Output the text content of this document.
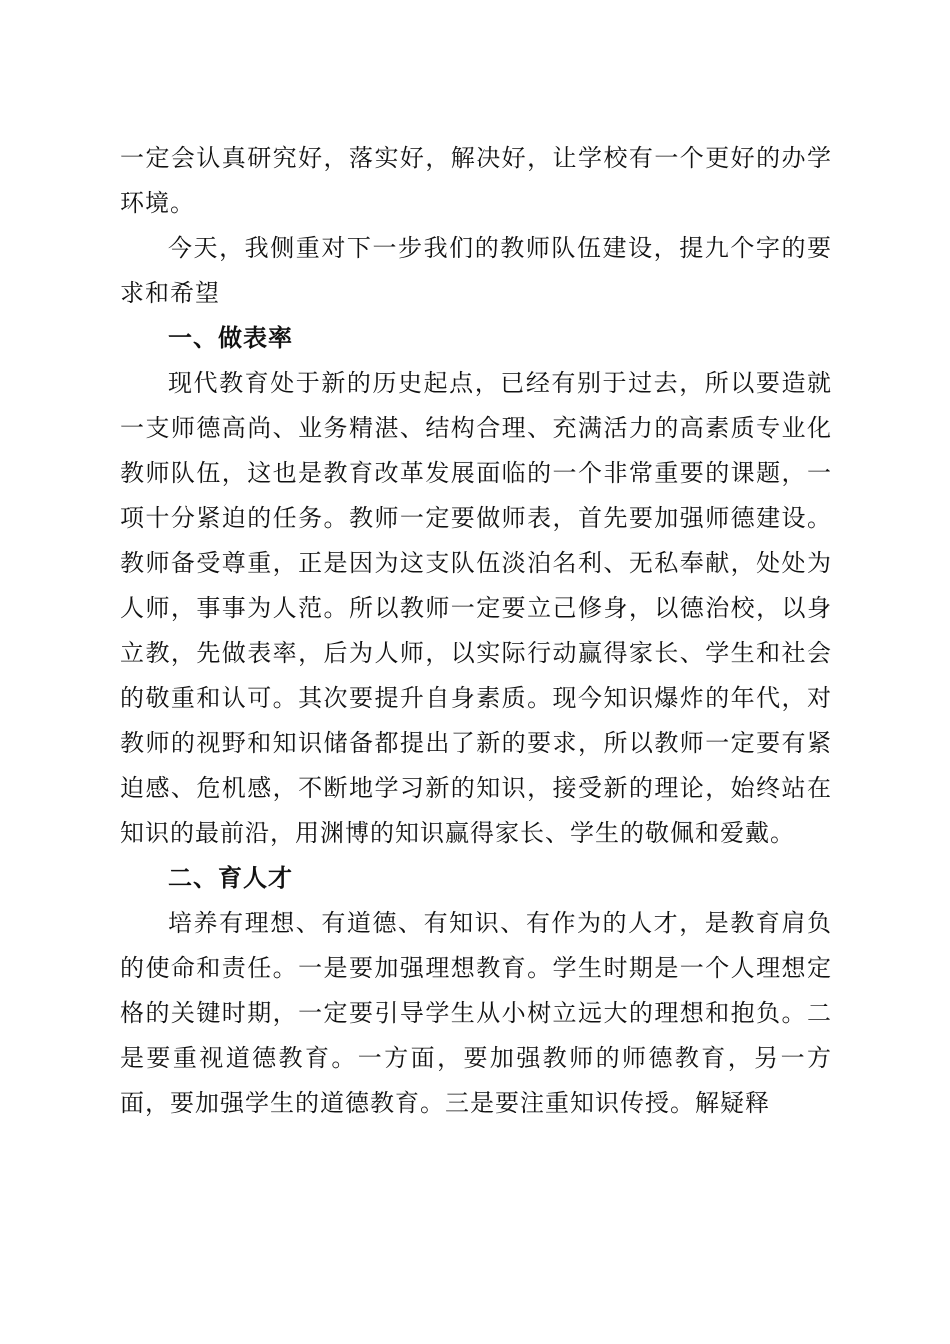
一定会认真研究好，落实好，解决好，让学校有一个更好的办学环境。

今天，我侧重对下一步我们的教师队伍建设，提九个字的要求和希望

一、做表率

现代教育处于新的历史起点，已经有别于过去，所以要造就一支师德高尚、业务精湛、结构合理、充满活力的高素质专业化教师队伍，这也是教育改革发展面临的一个非常重要的课题，一项十分紧迫的任务。教师一定要做师表，首先要加强师德建设。教师备受尊重，正是因为这支队伍淡泊名利、无私奉献，处处为人师，事事为人范。所以教师一定要立己修身，以德治校，以身立教，先做表率，后为人师，以实际行动赢得家长、学生和社会的敬重和认可。其次要提升自身素质。现今知识爆炸的年代，对教师的视野和知识储备都提出了新的要求，所以教师一定要有紧迫感、危机感，不断地学习新的知识，接受新的理论，始终站在知识的最前沿，用渊博的知识赢得家长、学生的敬佩和爱戴。

二、育人才

培养有理想、有道德、有知识、有作为的人才，是教育肩负的使命和责任。一是要加强理想教育。学生时期是一个人理想定格的关键时期，一定要引导学生从小树立远大的理想和抱负。二是要重视道德教育。一方面，要加强教师的师德教育，另一方面，要加强学生的道德教育。三是要注重知识传授。解疑释
